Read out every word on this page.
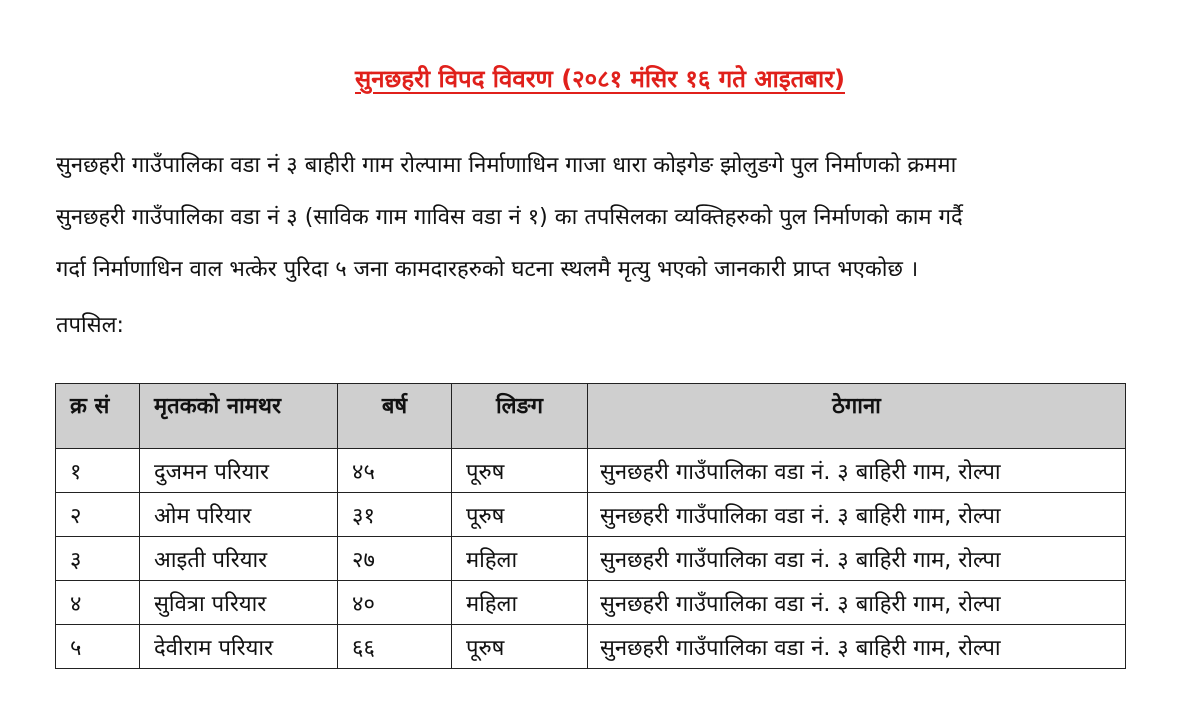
सुनछहरी विपद विवरण (२०८१ मंसिर १६ गते आइतबार)
सुनछहरी गाउँपालिका वडा नं ३ बाहीरी गाम रोल्पामा निर्माणाधिन गाजा धारा कोइगेङ झोलुङगे पुल निर्माणको क्रममा
सुनछहरी गाउँपालिका वडा नं ३ (साविक गाम गाविस वडा नं १) का तपसिलका व्यक्तिहरुको पुल निर्माणको काम गर्दै
गर्दा निर्माणाधिन वाल भत्केर पुरिदा ५ जना कामदारहरुको घटना स्थलमै मृत्यु भएको जानकारी प्राप्त भएकोछ ।
तपसिल:
क्र सं	मृतकको नामथर	बर्ष	लिङग	ठेगाना
१	दुजमन परियार	४५	पूरुष	सुनछहरी गाउँपालिका वडा नं. ३ बाहिरी गाम, रोल्पा
२	ओम परियार	३१	पूरुष	सुनछहरी गाउँपालिका वडा नं. ३ बाहिरी गाम, रोल्पा
३	आइती परियार	२७	महिला	सुनछहरी गाउँपालिका वडा नं. ३ बाहिरी गाम, रोल्पा
४	सुवित्रा परियार	४०	महिला	सुनछहरी गाउँपालिका वडा नं. ३ बाहिरी गाम, रोल्पा
५	देवीराम परियार	६६	पूरुष	सुनछहरी गाउँपालिका वडा नं. ३ बाहिरी गाम, रोल्पा
